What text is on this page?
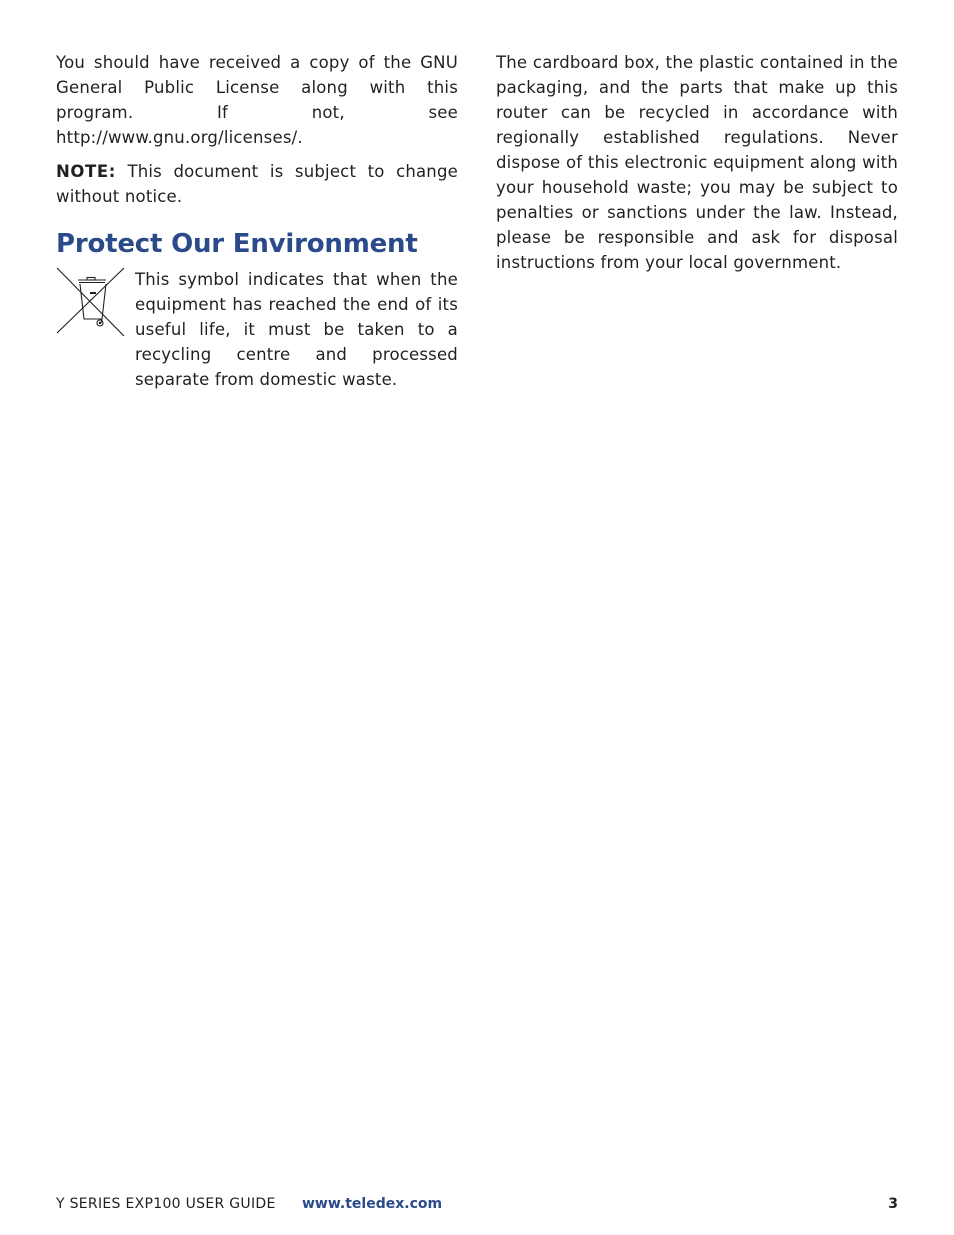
You should have received a copy of the GNU General Public License along with this program. If not, see http://www.gnu.org/licenses/.

NOTE: This document is subject to change without notice.

Protect Our Environment

This symbol indicates that when the equipment has reached the end of its useful life, it must be taken to a recycling centre and processed separate from domestic waste.

The cardboard box, the plastic contained in the packaging, and the parts that make up this router can be recycled in accordance with regionally established regulations. Never dispose of this electronic equipment along with your household waste; you may be subject to penalties or sanctions under the law. Instead, please be responsible and ask for disposal instructions from your local government.

Y SERIES EXP100 USER GUIDE www.teledex.com	3
